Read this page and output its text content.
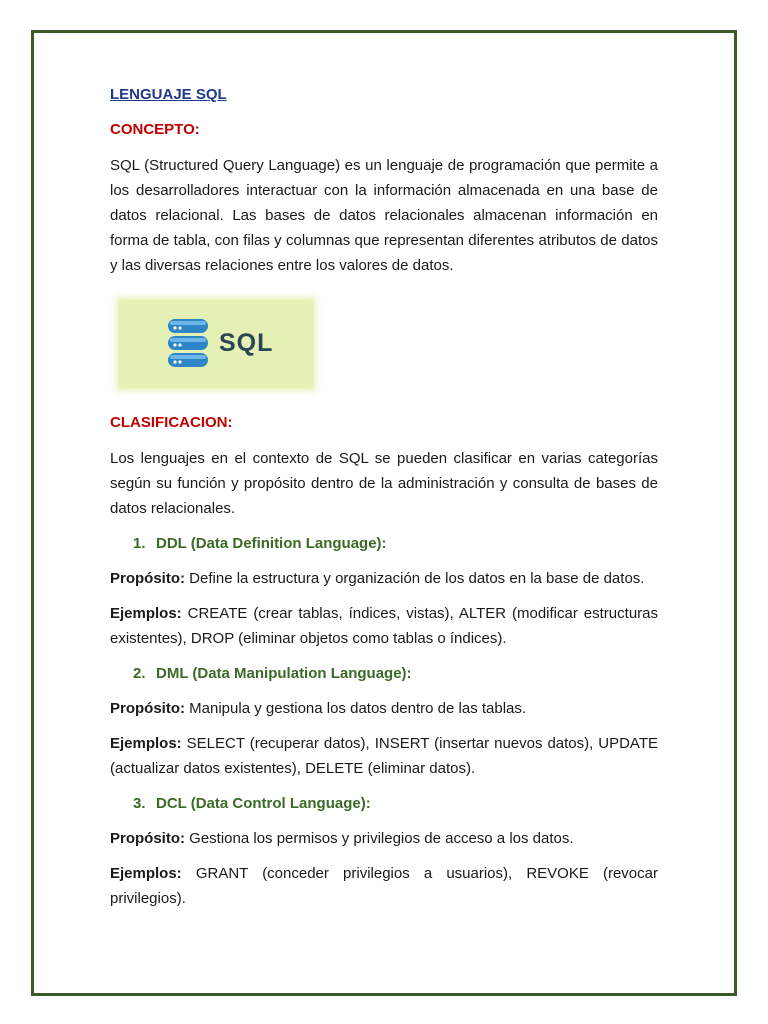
LENGUAJE SQL
CONCEPTO:

SQL (Structured Query Language) es un lenguaje de programación que permite a los desarrolladores interactuar con la información almacenada en una base de datos relacional. Las bases de datos relacionales almacenan información en forma de tabla, con filas y columnas que representan diferentes atributos de datos y las diversas relaciones entre los valores de datos.

SQL
CLASIFICACION:

Los lenguajes en el contexto de SQL se pueden clasificar en varias categorías según su función y propósito dentro de la administración y consulta de bases de datos relacionales.

1. DDL (Data Definition Language):

Propósito: Define la estructura y organización de los datos en la base de datos.

Ejemplos: CREATE (crear tablas, índices, vistas), ALTER (modificar estructuras existentes), DROP (eliminar objetos como tablas o índices).

2. DML (Data Manipulation Language):

Propósito: Manipula y gestiona los datos dentro de las tablas.

Ejemplos: SELECT (recuperar datos), INSERT (insertar nuevos datos), UPDATE (actualizar datos existentes), DELETE (eliminar datos).

3. DCL (Data Control Language):

Propósito: Gestiona los permisos y privilegios de acceso a los datos.

Ejemplos: GRANT (conceder privilegios a usuarios), REVOKE (revocar privilegios).
